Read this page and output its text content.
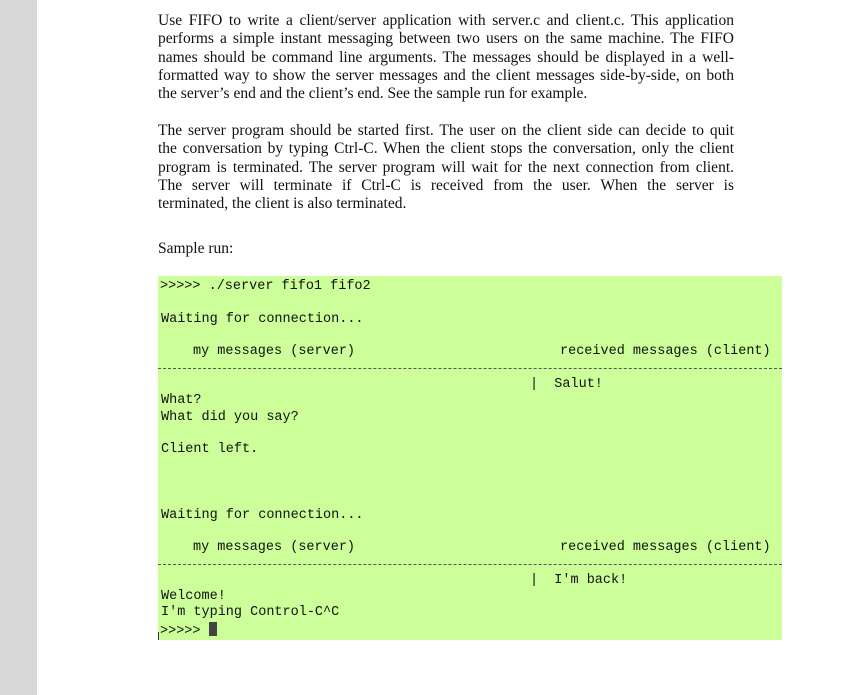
Use FIFO to write a client/server application with server.c and client.c. This application
performs a simple instant messaging between two users on the same machine. The FIFO
names should be command line arguments. The messages should be displayed in a well-
formatted way to show the server messages and the client messages side-by-side, on both
the server’s end and the client’s end. See the sample run for example.
The server program should be started first. The user on the client side can decide to quit
the conversation by typing Ctrl-C. When the client stops the conversation, only the client
program is terminated. The server program will wait for the next connection from client.
The server will terminate if Ctrl-C is received from the user. When the server is
terminated, the client is also terminated.
Sample run:
>>>>> ./server fifo1 fifo2
Waiting for connection...
my messages (server)	received messages (client)
|  Salut!
What?
What did you say?
Client left.
Waiting for connection...
my messages (server)	received messages (client)
|  I'm back!
Welcome!
I'm typing Control-C^C
>>>>>
